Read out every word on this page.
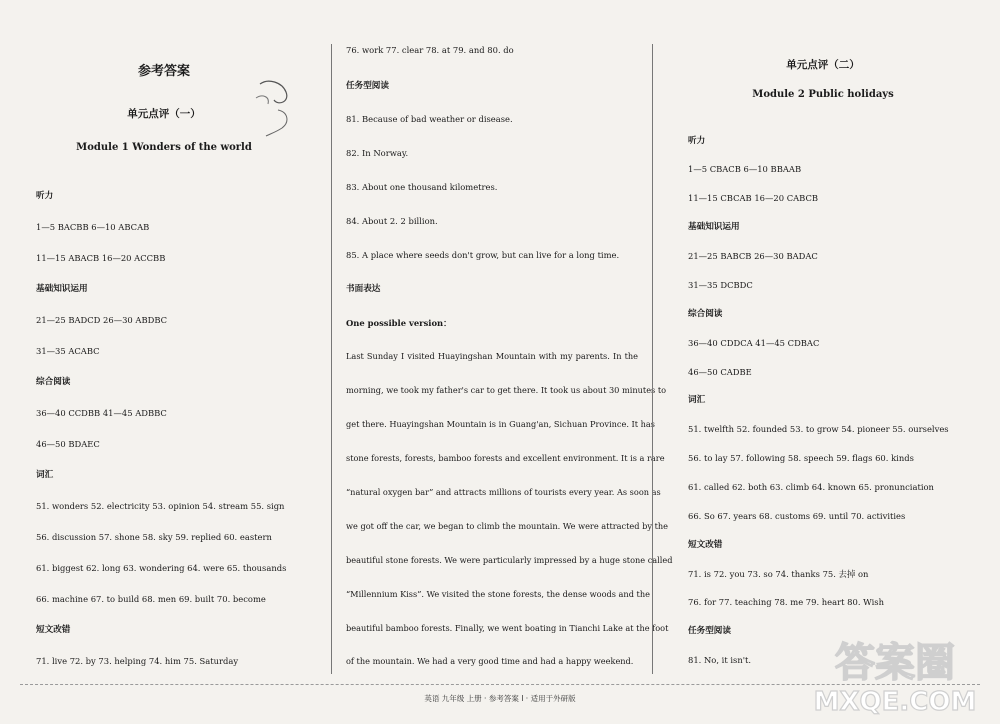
参考答案
单元点评（一）
Module 1 Wonders of the world
听力
1—5 BACBB 6—10 ABCAB
11—15 ABACB 16—20 ACCBB
基础知识运用
21—25 BADCD 26—30 ABDBC
31—35 ACABC
综合阅读
36—40 CCDBB 41—45 ADBBC
46—50 BDAEC
词汇
51. wonders 52. electricity 53. opinion 54. stream 55. sign
56. discussion 57. shone 58. sky 59. replied 60. eastern
61. biggest 62. long 63. wondering 64. were 65. thousands
66. machine 67. to build 68. men 69. built 70. become
短文改错
71. live 72. by 73. helping 74. him 75. Saturday
76. work 77. clear 78. at 79. and 80. do
任务型阅读
81. Because of bad weather or disease.
82. In Norway.
83. About one thousand kilometres.
84. About 2. 2 billion.
85. A place where seeds don't grow, but can live for a long time.
书面表达
One possible version：
Last Sunday I visited Huayingshan Mountain with my parents. In the
morning, we took my father's car to get there. It took us about 30 minutes to
get there. Huayingshan Mountain is in Guang'an, Sichuan Province. It has
stone forests, forests, bamboo forests and excellent environment. It is a rare
“natural oxygen bar” and attracts millions of tourists every year. As soon as
we got off the car, we began to climb the mountain. We were attracted by the
beautiful stone forests. We were particularly impressed by a huge stone called
“Millennium Kiss”. We visited the stone forests, the dense woods and the
beautiful bamboo forests. Finally, we went boating in Tianchi Lake at the foot
of the mountain. We had a very good time and had a happy weekend.
单元点评（二）
Module 2 Public holidays
听力
1—5 CBACB 6—10 BBAAB
11—15 CBCAB 16—20 CABCB
基础知识运用
21—25 BABCB 26—30 BADAC
31—35 DCBDC
综合阅读
36—40 CDDCA 41—45 CDBAC
46—50 CADBE
词汇
51. twelfth 52. founded 53. to grow 54. pioneer 55. ourselves
56. to lay 57. following 58. speech 59. flags 60. kinds
61. called 62. both 63. climb 64. known 65. pronunciation
66. So 67. years 68. customs 69. until 70. activities
短文改错
71. is 72. you 73. so 74. thanks 75. 去掉 on
76. for 77. teaching 78. me 79. heart 80. Wish
任务型阅读
81. No, it isn't.
英语 九年级 上册 · 参考答案 Ⅰ · 适用于外研版
答案圈
MXQE.COM
